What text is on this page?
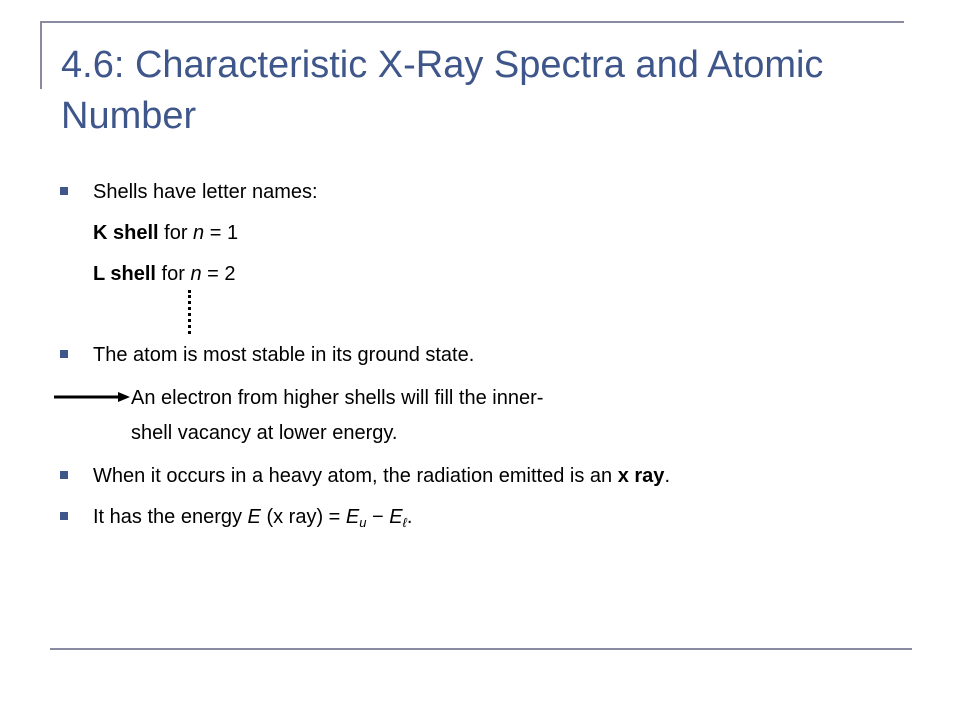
4.6: Characteristic X-Ray Spectra and Atomic Number
Shells have letter names:
K shell for n = 1
L shell for n = 2
The atom is most stable in its ground state.
An electron from higher shells will fill the inner-
shell vacancy at lower energy.
When it occurs in a heavy atom, the radiation emitted is an x ray.
It has the energy E (x $ray) = E_u - E_\ell$.
